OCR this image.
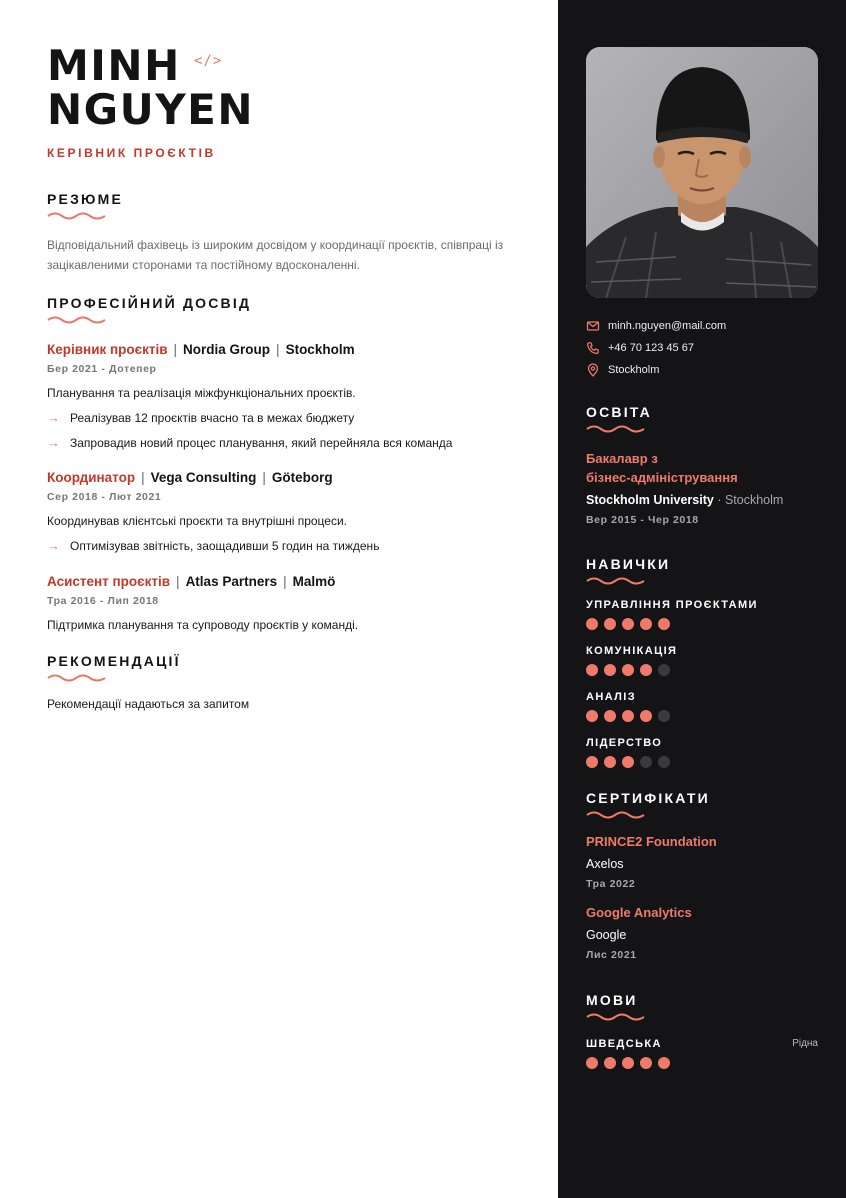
MINH
NGUYEN
</>
КЕРІВНИК ПРОЄКТІВ
РЕЗЮМЕ
Відповідальний фахівець із широким досвідом у координації проєктів, співпраці із зацікавленими сторонами та постійному вдосконаленні.
ПРОФЕСІЙНИЙ ДОСВІД
Керівник проєктів | Nordia Group | Stockholm
Бер 2021 - Дотепер
Планування та реалізація міжфункціональних проєктів.
→ Реалізував 12 проєктів вчасно та в межах бюджету
→ Запровадив новий процес планування, який перейняла вся команда
Координатор | Vega Consulting | Göteborg
Сер 2018 - Лют 2021
Координував клієнтські проєкти та внутрішні процеси.
→ Оптимізував звітність, заощадивши 5 годин на тиждень
Асистент проєктів | Atlas Partners | Malmö
Тра 2016 - Лип 2018
Підтримка планування та супроводу проєктів у команді.
РЕКОМЕНДАЦІЇ
Рекомендації надаються за запитом
minh.nguyen@mail.com
+46 70 123 45 67
Stockholm
ОСВІТА
Бакалавр з
бізнес-адміністрування
Stockholm University · Stockholm
Вер 2015 - Чер 2018
НАВИЧКИ
УПРАВЛІННЯ ПРОЄКТАМИ
КОМУНІКАЦІЯ
АНАЛІЗ
ЛІДЕРСТВО
СЕРТИФІКАТИ
PRINCE2 Foundation
Axelos
Тра 2022
Google Analytics
Google
Лис 2021
МОВИ
ШВЕДСЬКА	Рідна
